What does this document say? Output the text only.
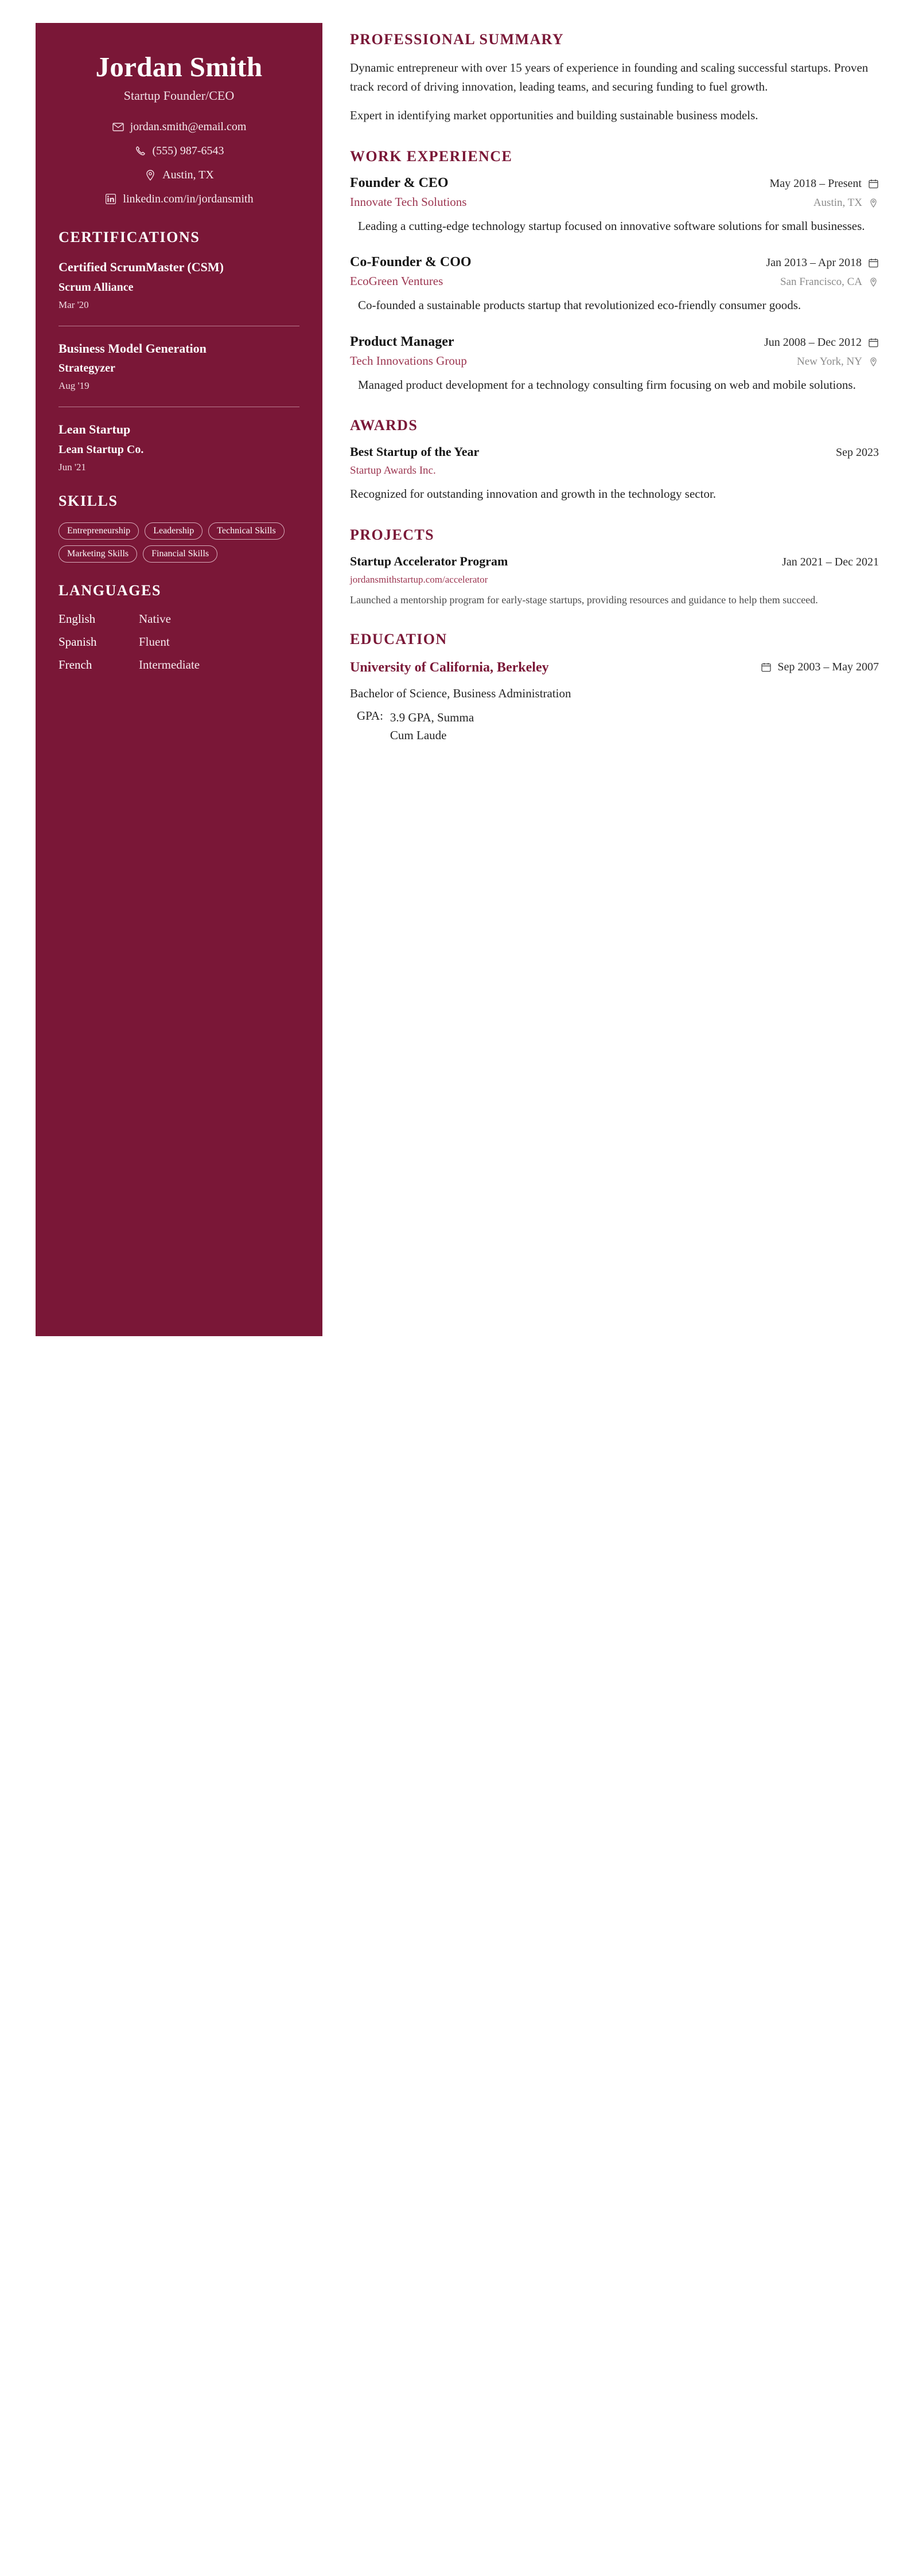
Jordan Smith
Startup Founder/CEO
jordan.smith@email.com
(555) 987-6543
Austin, TX
linkedin.com/in/jordansmith
CERTIFICATIONS
Certified ScrumMaster (CSM)
Scrum Alliance
Mar '20
Business Model Generation
Strategyzer
Aug '19
Lean Startup
Lean Startup Co.
Jun '21
SKILLS
Entrepreneurship	Leadership	Technical Skills
Marketing Skills	Financial Skills
LANGUAGES
English	Native
Spanish	Fluent
French	Intermediate
PROFESSIONAL SUMMARY

Dynamic entrepreneur with over 15 years of experience in founding and scaling successful startups. Proven track record of driving innovation, leading teams, and securing funding to fuel growth.

Expert in identifying market opportunities and building sustainable business models.

WORK EXPERIENCE
Founder & CEO	May 2018 – Present
Innovate Tech Solutions	Austin, TX

Leading a cutting-edge technology startup focused on innovative software solutions for small businesses.

Co-Founder & COO	Jan 2013 – Apr 2018
EcoGreen Ventures	San Francisco, CA

Co-founded a sustainable products startup that revolutionized eco-friendly consumer goods.

Product Manager	Jun 2008 – Dec 2012
Tech Innovations Group	New York, NY

Managed product development for a technology consulting firm focusing on web and mobile solutions.

AWARDS
Best Startup of the Year	Sep 2023
Startup Awards Inc.

Recognized for outstanding innovation and growth in the technology sector.

PROJECTS
Startup Accelerator Program	Jan 2021 – Dec 2021
jordansmithstartup.com/accelerator

Launched a mentorship program for early-stage startups, providing resources and guidance to help them succeed.

EDUCATION
University of California, Berkeley	Sep 2003 – May 2007
Bachelor of Science, Business Administration
GPA: 3.9 GPA, Summa Cum Laude
